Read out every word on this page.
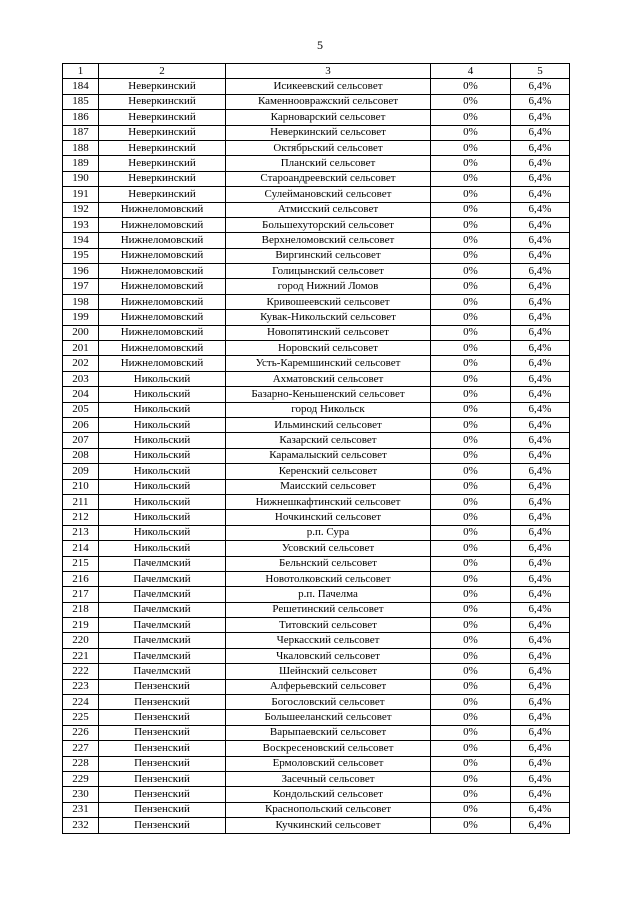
5
1	2	3	4	5
184	Неверкинский	Исикеевский сельсовет	0%	6,4%
185	Неверкинский	Каменноовражский сельсовет	0%	6,4%
186	Неверкинский	Карноварский сельсовет	0%	6,4%
187	Неверкинский	Неверкинский сельсовет	0%	6,4%
188	Неверкинский	Октябрьский сельсовет	0%	6,4%
189	Неверкинский	Планский сельсовет	0%	6,4%
190	Неверкинский	Староандреевский сельсовет	0%	6,4%
191	Неверкинский	Сулеймановский сельсовет	0%	6,4%
192	Нижнеломовский	Атмисский сельсовет	0%	6,4%
193	Нижнеломовский	Большехуторский сельсовет	0%	6,4%
194	Нижнеломовский	Верхнеломовский сельсовет	0%	6,4%
195	Нижнеломовский	Виргинский сельсовет	0%	6,4%
196	Нижнеломовский	Голицынский сельсовет	0%	6,4%
197	Нижнеломовский	город Нижний Ломов	0%	6,4%
198	Нижнеломовский	Кривошеевский сельсовет	0%	6,4%
199	Нижнеломовский	Кувак-Никольский сельсовет	0%	6,4%
200	Нижнеломовский	Новопятинский сельсовет	0%	6,4%
201	Нижнеломовский	Норовский сельсовет	0%	6,4%
202	Нижнеломовский	Усть-Каремшинский сельсовет	0%	6,4%
203	Никольский	Ахматовский сельсовет	0%	6,4%
204	Никольский	Базарно-Кеньшенский сельсовет	0%	6,4%
205	Никольский	город Никольск	0%	6,4%
206	Никольский	Ильминский сельсовет	0%	6,4%
207	Никольский	Казарский сельсовет	0%	6,4%
208	Никольский	Карамалыский сельсовет	0%	6,4%
209	Никольский	Керенский сельсовет	0%	6,4%
210	Никольский	Маисский сельсовет	0%	6,4%
211	Никольский	Нижнешкафтинский сельсовет	0%	6,4%
212	Никольский	Ночкинский сельсовет	0%	6,4%
213	Никольский	р.п. Сура	0%	6,4%
214	Никольский	Усовский сельсовет	0%	6,4%
215	Пачелмский	Бельнский сельсовет	0%	6,4%
216	Пачелмский	Новотолковский сельсовет	0%	6,4%
217	Пачелмский	р.п. Пачелма	0%	6,4%
218	Пачелмский	Решетинский сельсовет	0%	6,4%
219	Пачелмский	Титовский сельсовет	0%	6,4%
220	Пачелмский	Черкасский сельсовет	0%	6,4%
221	Пачелмский	Чкаловский сельсовет	0%	6,4%
222	Пачелмский	Шейнский сельсовет	0%	6,4%
223	Пензенский	Алферьевский сельсовет	0%	6,4%
224	Пензенский	Богословский сельсовет	0%	6,4%
225	Пензенский	Большееланский сельсовет	0%	6,4%
226	Пензенский	Варыпаевский сельсовет	0%	6,4%
227	Пензенский	Воскресеновский сельсовет	0%	6,4%
228	Пензенский	Ермоловский сельсовет	0%	6,4%
229	Пензенский	Засечный сельсовет	0%	6,4%
230	Пензенский	Кондольский сельсовет	0%	6,4%
231	Пензенский	Краснопольский сельсовет	0%	6,4%
232	Пензенский	Кучкинский сельсовет	0%	6,4%
